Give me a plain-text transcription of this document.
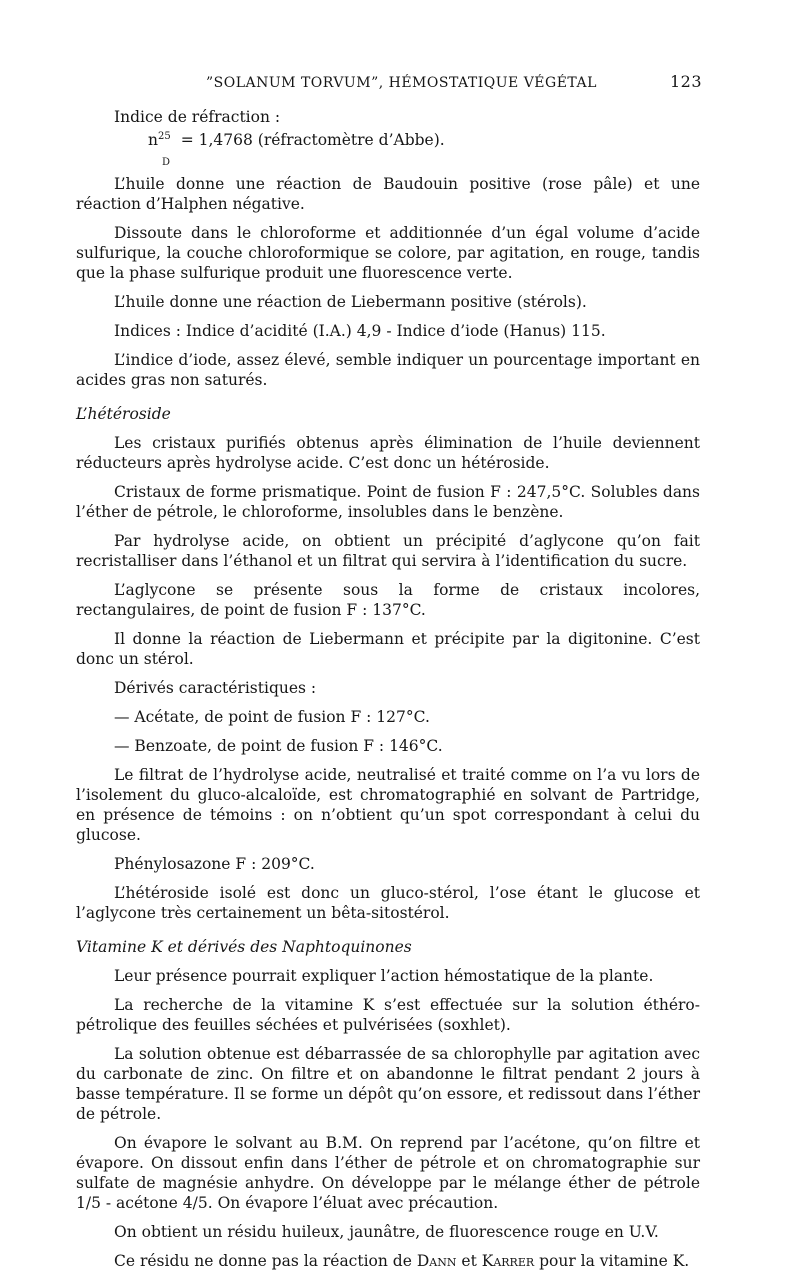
”SOLANUM TORVUM”, HÉMOSTATIQUE VÉGÉTAL	123

Indice de réfraction :

$n^{25}$
D
= 1,4768 (réfractomètre d’Abbe).

L’huile donne une réaction de Baudouin positive (rose pâle) et une réaction d’Halphen négative.

Dissoute dans le chloroforme et additionnée d’un égal volume d’acide sulfurique, la couche chloroformique se colore, par agitation, en rouge, tandis que la phase sulfurique produit une fluorescence verte.

L’huile donne une réaction de Liebermann positive (stérols).

Indices : Indice d’acidité (I.A.) 4,9 - Indice d’iode (Hanus) 115.

L’indice d’iode, assez élevé, semble indiquer un pourcentage important en acides gras non saturés.

L’hétéroside

Les cristaux purifiés obtenus après élimination de l’huile deviennent réducteurs après hydrolyse acide. C’est donc un hétéroside.

Cristaux de forme prismatique. Point de fusion F : 247,5°C. Solubles dans l’éther de pétrole, le chloroforme, insolubles dans le benzène.

Par hydrolyse acide, on obtient un précipité d’aglycone qu’on fait recristalliser dans l’éthanol et un filtrat qui servira à l’identification du sucre.

L’aglycone se présente sous la forme de cristaux incolores, rectangulaires, de point de fusion F : 137°C.

Il donne la réaction de Liebermann et précipite par la digitonine. C’est donc un stérol.

Dérivés caractéristiques :

— Acétate, de point de fusion F : 127°C.

— Benzoate, de point de fusion F : 146°C.

Le filtrat de l’hydrolyse acide, neutralisé et traité comme on l’a vu lors de l’isolement du gluco-alcaloïde, est chromatographié en solvant de Partridge, en présence de témoins : on n’obtient qu’un spot correspondant à celui du glucose.

Phénylosazone F : 209°C.

L’hétéroside isolé est donc un gluco-stérol, l’ose étant le glucose et l’aglycone très certainement un bêta-sitostérol.

Vitamine K et dérivés des Naphtoquinones

Leur présence pourrait expliquer l’action hémostatique de la plante.

La recherche de la vitamine K s’est effectuée sur la solution éthéro-pétrolique des feuilles séchées et pulvérisées (soxhlet).

La solution obtenue est débarrassée de sa chlorophylle par agitation avec du carbonate de zinc. On filtre et on abandonne le filtrat pendant 2 jours à basse température. Il se forme un dépôt qu’on essore, et redissout dans l’éther de pétrole.

On évapore le solvant au B.M. On reprend par l’acétone, qu’on filtre et évapore. On dissout enfin dans l’éther de pétrole et on chromatographie sur sulfate de magnésie anhydre. On développe par le mélange éther de pétrole 1/5 - acétone 4/5. On évapore l’éluat avec précaution.

On obtient un résidu huileux, jaunâtre, de fluorescence rouge en U.V.

Ce résidu ne donne pas la réaction de Dann et Karrer pour la vitamine K.
